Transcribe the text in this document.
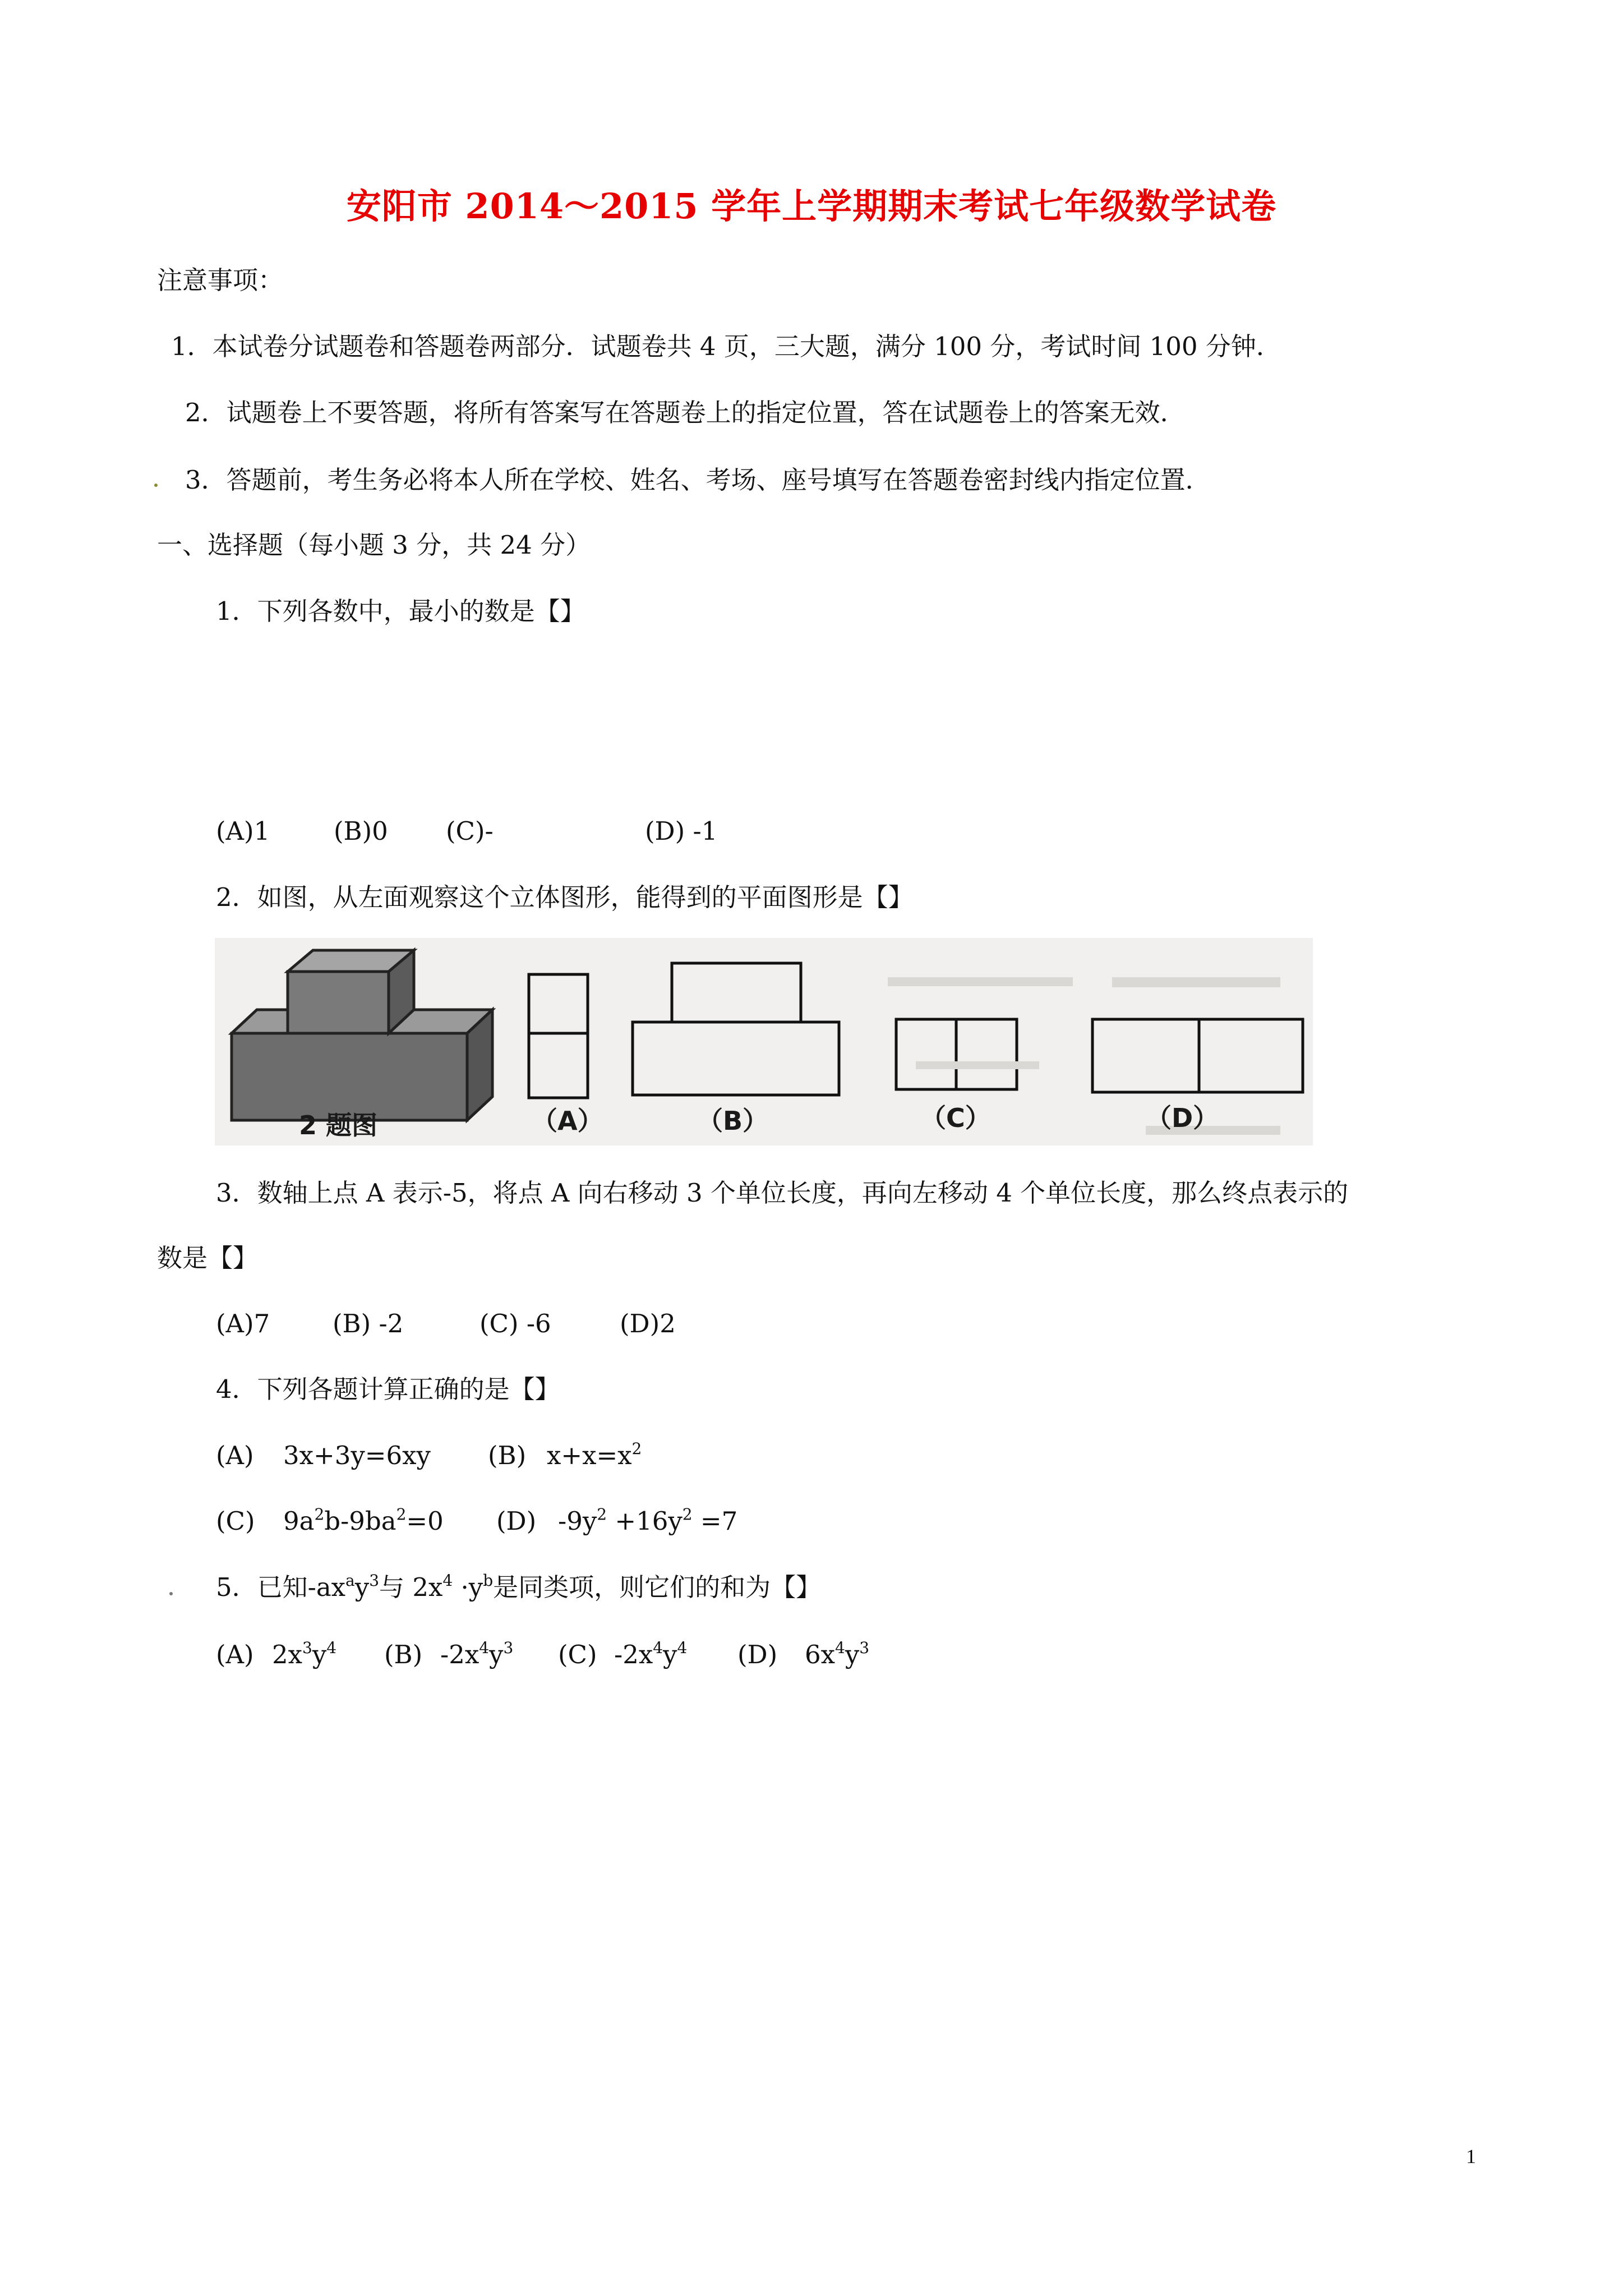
安阳市 2014～2015 学年上学期期末考试七年级数学试卷
注意事项：
1．本试卷分试题卷和答题卷两部分．试题卷共 4 页，三大题，满分 100 分，考试时间 100 分钟．
2．试题卷上不要答题，将所有答案写在答题卷上的指定位置，答在试题卷上的答案无效．
3．答题前，考生务必将本人所在学校、姓名、考场、座号填写在答题卷密封线内指定位置．
一、选择题（每小题 3 分，共 24 分）
1．下列各数中，最小的数是【】
(A)1	(B)0 (C)-	(D) -1
2．如图，从左面观察这个立体图形，能得到的平面图形是【】
2 题图	（A）	（B）	（C）	（D）
3．数轴上点 A 表示-5，将点 A 向右移动 3 个单位长度，再向左移动 4 个单位长度，那么终点表示的
数是【】
(A)7 (B) -2	(C) -6	(D)2
4．下列各题计算正确的是【】
(A) 3x+3y=6xy (B) $x+x=x^2$
(C) $9a^2b-9ba^2=0$ (D) $-9y^2 +16y^2 =7$
5．已知$-ax^ay^3$与 $2x^4 \cdot y^b$是同类项，则它们的和为【】
(A) $2x^3y^4$ (B) $-2x^4y^3$ (C) $-2x^4y^4$ (D) $6x^4y^3$
1
